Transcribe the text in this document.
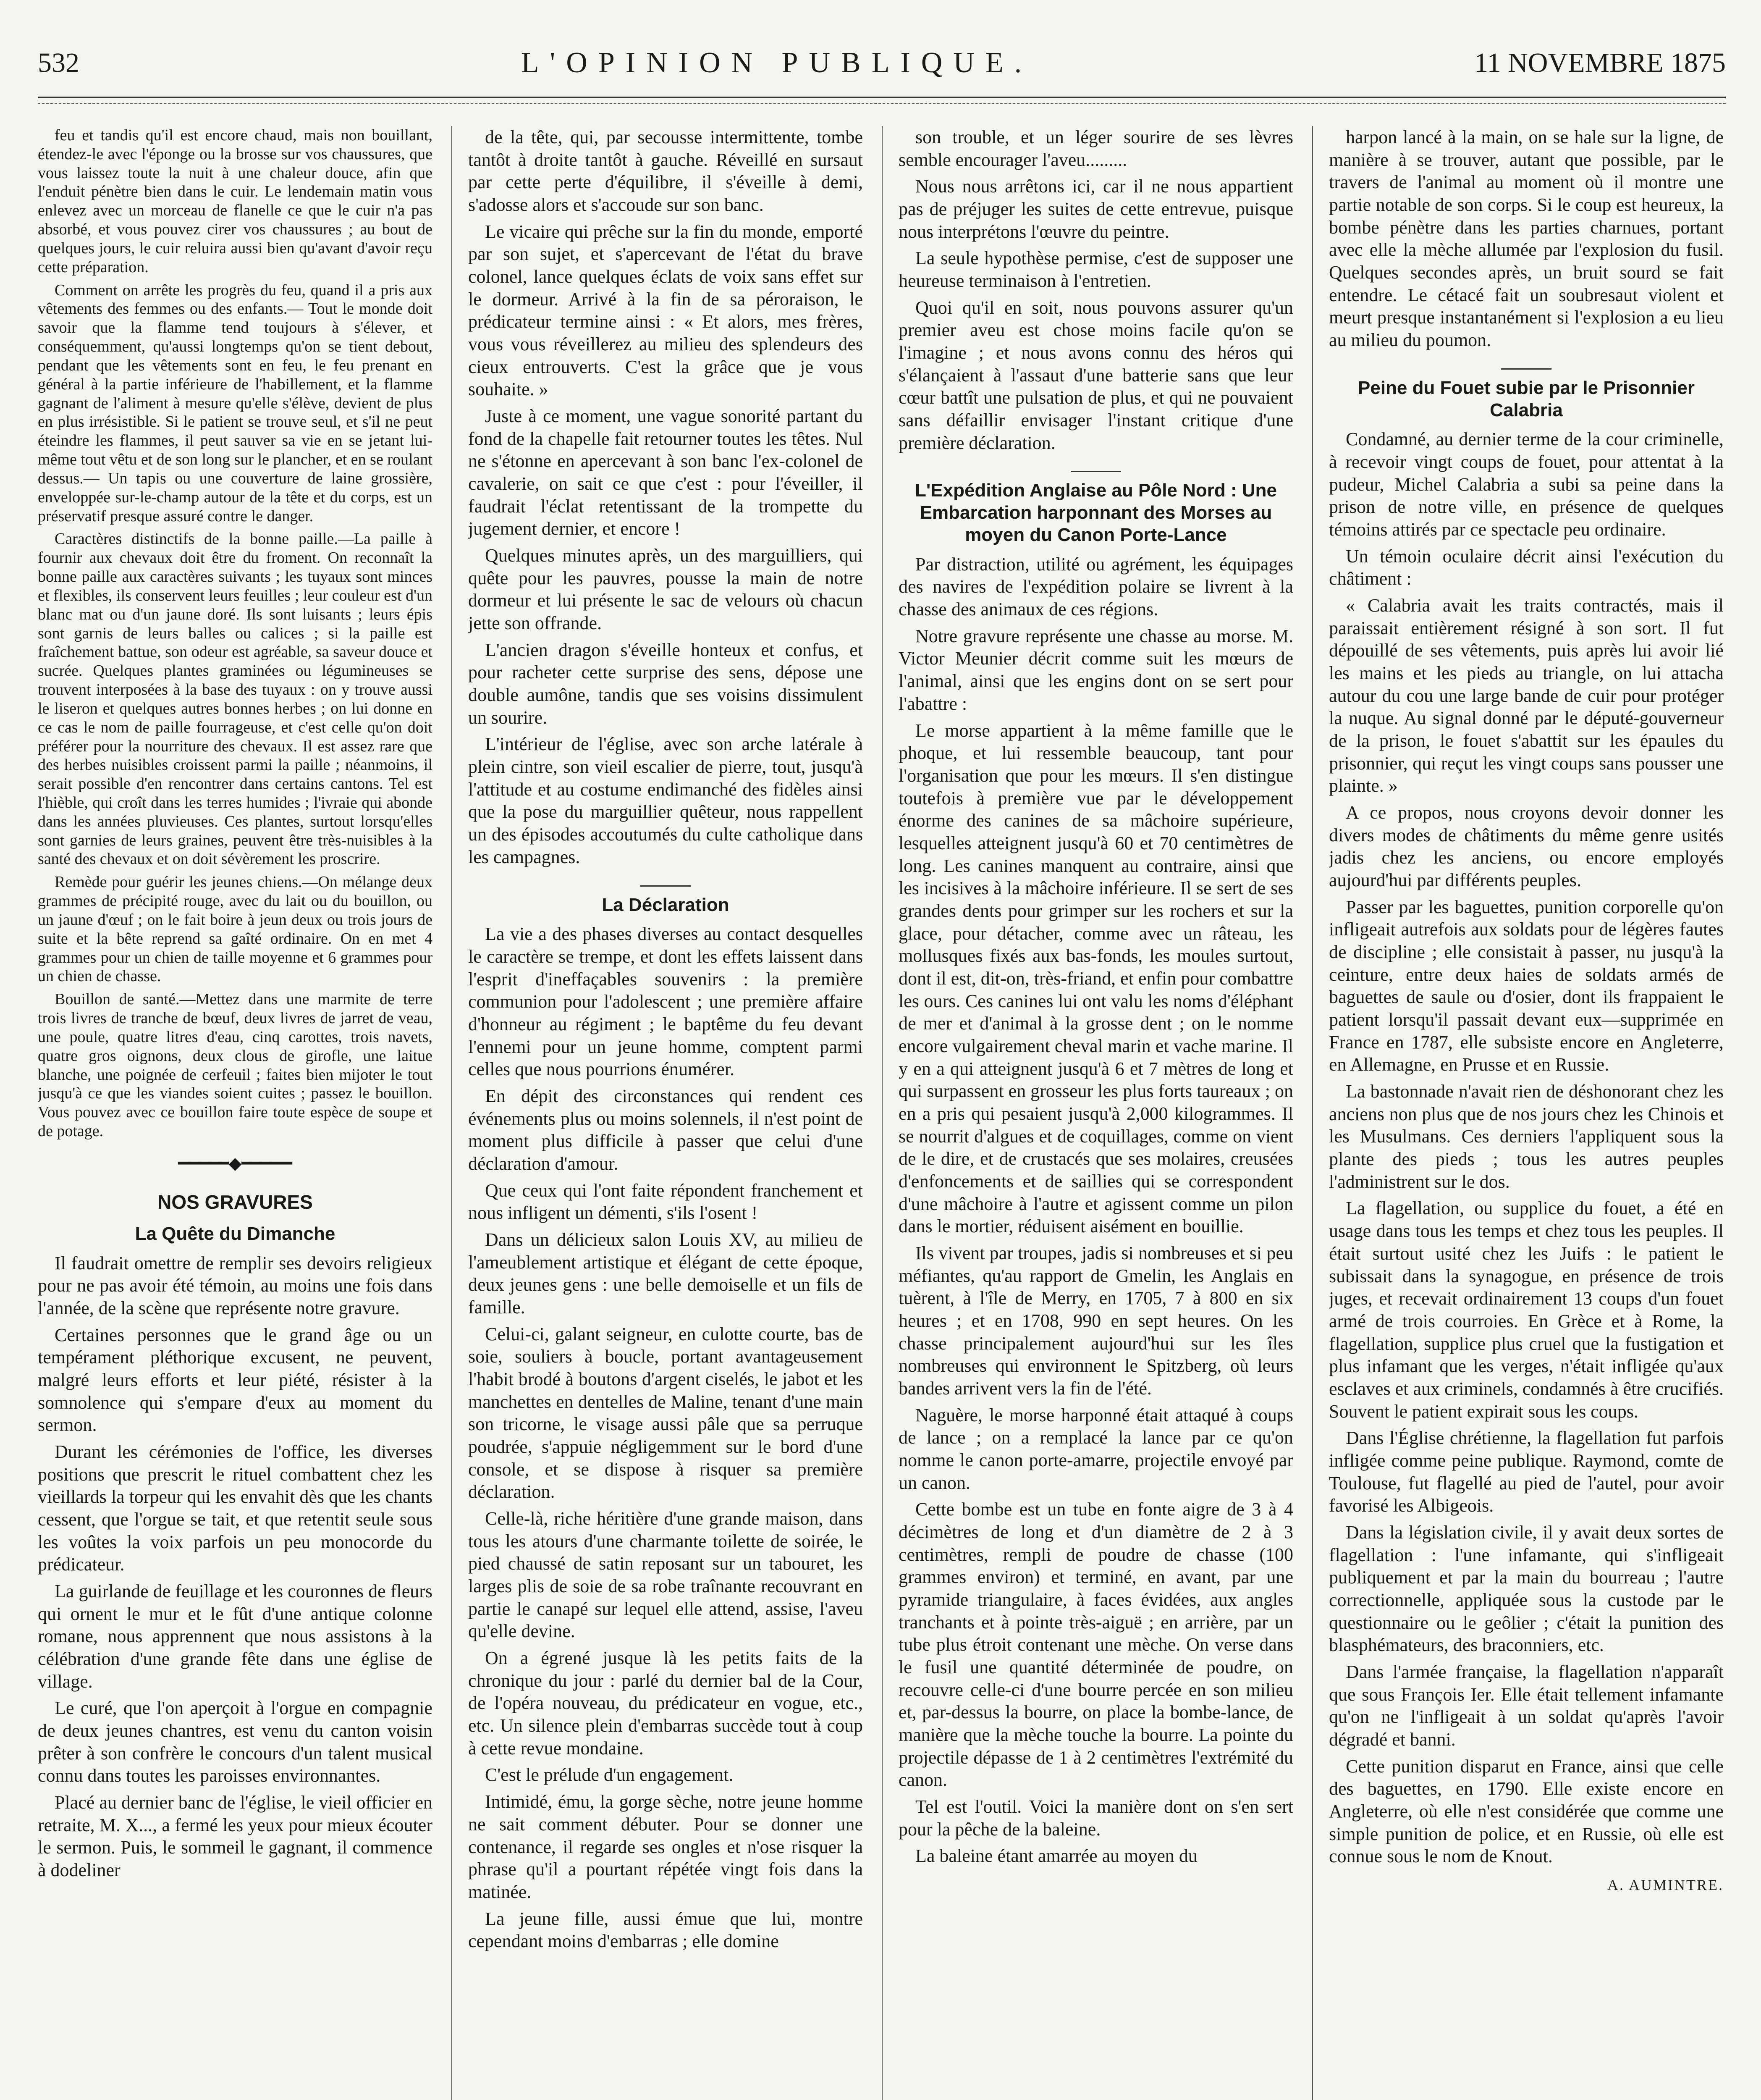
532	L'OPINION PUBLIQUE.	11 NOVEMBRE 1875

feu et tandis qu'il est encore chaud, mais non bouillant, étendez-le avec l'éponge ou la brosse sur vos chaussures, que vous laissez toute la nuit à une chaleur douce, afin que l'enduit pénètre bien dans le cuir. Le lendemain matin vous enlevez avec un morceau de flanelle ce que le cuir n'a pas absorbé, et vous pouvez cirer vos chaussures ; au bout de quelques jours, le cuir reluira aussi bien qu'avant d'avoir reçu cette préparation.

Comment on arrête les progrès du feu, quand il a pris aux vêtements des femmes ou des enfants.— Tout le monde doit savoir que la flamme tend toujours à s'élever, et conséquemment, qu'aussi longtemps qu'on se tient debout, pendant que les vêtements sont en feu, le feu prenant en général à la partie inférieure de l'habillement, et la flamme gagnant de l'aliment à mesure qu'elle s'élève, devient de plus en plus irrésistible. Si le patient se trouve seul, et s'il ne peut éteindre les flammes, il peut sauver sa vie en se jetant lui-même tout vêtu et de son long sur le plancher, et en se roulant dessus.— Un tapis ou une couverture de laine grossière, enveloppée sur-le-champ autour de la tête et du corps, est un préservatif presque assuré contre le danger.

Caractères distinctifs de la bonne paille.—La paille à fournir aux chevaux doit être du froment. On reconnaît la bonne paille aux caractères suivants ; les tuyaux sont minces et flexibles, ils conservent leurs feuilles ; leur couleur est d'un blanc mat ou d'un jaune doré. Ils sont luisants ; leurs épis sont garnis de leurs balles ou calices ; si la paille est fraîchement battue, son odeur est agréable, sa saveur douce et sucrée. Quelques plantes graminées ou légumineuses se trouvent interposées à la base des tuyaux : on y trouve aussi le liseron et quelques autres bonnes herbes ; on lui donne en ce cas le nom de paille fourrageuse, et c'est celle qu'on doit préférer pour la nourriture des chevaux. Il est assez rare que des herbes nuisibles croissent parmi la paille ; néanmoins, il serait possible d'en rencontrer dans certains cantons. Tel est l'hièble, qui croît dans les terres humides ; l'ivraie qui abonde dans les années pluvieuses. Ces plantes, surtout lorsqu'elles sont garnies de leurs graines, peuvent être très-nuisibles à la santé des chevaux et on doit sévèrement les proscrire.

Remède pour guérir les jeunes chiens.—On mélange deux grammes de précipité rouge, avec du lait ou du bouillon, ou un jaune d'œuf ; on le fait boire à jeun deux ou trois jours de suite et la bête reprend sa gaîté ordinaire. On en met 4 grammes pour un chien de taille moyenne et 6 grammes pour un chien de chasse.

Bouillon de santé.—Mettez dans une marmite de terre trois livres de tranche de bœuf, deux livres de jarret de veau, une poule, quatre litres d'eau, cinq carottes, trois navets, quatre gros oignons, deux clous de girofle, une laitue blanche, une poignée de cerfeuil ; faites bien mijoter le tout jusqu'à ce que les viandes soient cuites ; passez le bouillon. Vous pouvez avec ce bouillon faire toute espèce de soupe et de potage.

━━━━━◆━━━━━
NOS GRAVURES
La Quête du Dimanche

Il faudrait omettre de remplir ses devoirs religieux pour ne pas avoir été témoin, au moins une fois dans l'année, de la scène que représente notre gravure.

Certaines personnes que le grand âge ou un tempérament pléthorique excusent, ne peuvent, malgré leurs efforts et leur piété, résister à la somnolence qui s'empare d'eux au moment du sermon.

Durant les cérémonies de l'office, les diverses positions que prescrit le rituel combattent chez les vieillards la torpeur qui les envahit dès que les chants cessent, que l'orgue se tait, et que retentit seule sous les voûtes la voix parfois un peu monocorde du prédicateur.

La guirlande de feuillage et les couronnes de fleurs qui ornent le mur et le fût d'une antique colonne romane, nous apprennent que nous assistons à la célébration d'une grande fête dans une église de village.

Le curé, que l'on aperçoit à l'orgue en compagnie de deux jeunes chantres, est venu du canton voisin prêter à son confrère le concours d'un talent musical connu dans toutes les paroisses environnantes.

Placé au dernier banc de l'église, le vieil officier en retraite, M. X..., a fermé les yeux pour mieux écouter le sermon. Puis, le sommeil le gagnant, il commence à dodeliner

de la tête, qui, par secousse intermittente, tombe tantôt à droite tantôt à gauche. Réveillé en sursaut par cette perte d'équilibre, il s'éveille à demi, s'adosse alors et s'accoude sur son banc.

Le vicaire qui prêche sur la fin du monde, emporté par son sujet, et s'apercevant de l'état du brave colonel, lance quelques éclats de voix sans effet sur le dormeur. Arrivé à la fin de sa péroraison, le prédicateur termine ainsi : « Et alors, mes frères, vous vous réveillerez au milieu des splendeurs des cieux entrouverts. C'est la grâce que je vous souhaite. »

Juste à ce moment, une vague sonorité partant du fond de la chapelle fait retourner toutes les têtes. Nul ne s'étonne en apercevant à son banc l'ex-colonel de cavalerie, on sait ce que c'est : pour l'éveiller, il faudrait l'éclat retentissant de la trompette du jugement dernier, et encore !

Quelques minutes après, un des marguilliers, qui quête pour les pauvres, pousse la main de notre dormeur et lui présente le sac de velours où chacun jette son offrande.

L'ancien dragon s'éveille honteux et confus, et pour racheter cette surprise des sens, dépose une double aumône, tandis que ses voisins dissimulent un sourire.

L'intérieur de l'église, avec son arche latérale à plein cintre, son vieil escalier de pierre, tout, jusqu'à l'attitude et au costume endimanché des fidèles ainsi que la pose du marguillier quêteur, nous rappellent un des épisodes accoutumés du culte catholique dans les campagnes.

La Déclaration

La vie a des phases diverses au contact desquelles le caractère se trempe, et dont les effets laissent dans l'esprit d'ineffaçables souvenirs : la première communion pour l'adolescent ; une première affaire d'honneur au régiment ; le baptême du feu devant l'ennemi pour un jeune homme, comptent parmi celles que nous pourrions énumérer.

En dépit des circonstances qui rendent ces événements plus ou moins solennels, il n'est point de moment plus difficile à passer que celui d'une déclaration d'amour.

Que ceux qui l'ont faite répondent franchement et nous infligent un démenti, s'ils l'osent !

Dans un délicieux salon Louis XV, au milieu de l'ameublement artistique et élégant de cette époque, deux jeunes gens : une belle demoiselle et un fils de famille.

Celui-ci, galant seigneur, en culotte courte, bas de soie, souliers à boucle, portant avantageusement l'habit brodé à boutons d'argent ciselés, le jabot et les manchettes en dentelles de Maline, tenant d'une main son tricorne, le visage aussi pâle que sa perruque poudrée, s'appuie négligemment sur le bord d'une console, et se dispose à risquer sa première déclaration.

Celle-là, riche héritière d'une grande maison, dans tous les atours d'une charmante toilette de soirée, le pied chaussé de satin reposant sur un tabouret, les larges plis de soie de sa robe traînante recouvrant en partie le canapé sur lequel elle attend, assise, l'aveu qu'elle devine.

On a égrené jusque là les petits faits de la chronique du jour : parlé du dernier bal de la Cour, de l'opéra nouveau, du prédicateur en vogue, etc., etc. Un silence plein d'embarras succède tout à coup à cette revue mondaine.

C'est le prélude d'un engagement.

Intimidé, ému, la gorge sèche, notre jeune homme ne sait comment débuter. Pour se donner une contenance, il regarde ses ongles et n'ose risquer la phrase qu'il a pourtant répétée vingt fois dans la matinée.

La jeune fille, aussi émue que lui, montre cependant moins d'embarras ; elle domine

son trouble, et un léger sourire de ses lèvres semble encourager l'aveu.........

Nous nous arrêtons ici, car il ne nous appartient pas de préjuger les suites de cette entrevue, puisque nous interprétons l'œuvre du peintre.

La seule hypothèse permise, c'est de supposer une heureuse terminaison à l'entretien.

Quoi qu'il en soit, nous pouvons assurer qu'un premier aveu est chose moins facile qu'on se l'imagine ; et nous avons connu des héros qui s'élançaient à l'assaut d'une batterie sans que leur cœur battît une pulsation de plus, et qui ne pouvaient sans défaillir envisager l'instant critique d'une première déclaration.

L'Expédition Anglaise au Pôle Nord : Une Embarcation harponnant des Morses au moyen du Canon Porte-Lance

Par distraction, utilité ou agrément, les équipages des navires de l'expédition polaire se livrent à la chasse des animaux de ces régions.

Notre gravure représente une chasse au morse. M. Victor Meunier décrit comme suit les mœurs de l'animal, ainsi que les engins dont on se sert pour l'abattre :

Le morse appartient à la même famille que le phoque, et lui ressemble beaucoup, tant pour l'organisation que pour les mœurs. Il s'en distingue toutefois à première vue par le développement énorme des canines de sa mâchoire supérieure, lesquelles atteignent jusqu'à 60 et 70 centimètres de long. Les canines manquent au contraire, ainsi que les incisives à la mâchoire inférieure. Il se sert de ses grandes dents pour grimper sur les rochers et sur la glace, pour détacher, comme avec un râteau, les mollusques fixés aux bas-fonds, les moules surtout, dont il est, dit-on, très-friand, et enfin pour combattre les ours. Ces canines lui ont valu les noms d'éléphant de mer et d'animal à la grosse dent ; on le nomme encore vulgairement cheval marin et vache marine. Il y en a qui atteignent jusqu'à 6 et 7 mètres de long et qui surpassent en grosseur les plus forts taureaux ; on en a pris qui pesaient jusqu'à 2,000 kilogrammes. Il se nourrit d'algues et de coquillages, comme on vient de le dire, et de crustacés que ses molaires, creusées d'enfoncements et de saillies qui se correspondent d'une mâchoire à l'autre et agissent comme un pilon dans le mortier, réduisent aisément en bouillie.

Ils vivent par troupes, jadis si nombreuses et si peu méfiantes, qu'au rapport de Gmelin, les Anglais en tuèrent, à l'île de Merry, en 1705, 7 à 800 en six heures ; et en 1708, 990 en sept heures. On les chasse principalement aujourd'hui sur les îles nombreuses qui environnent le Spitzberg, où leurs bandes arrivent vers la fin de l'été.

Naguère, le morse harponné était attaqué à coups de lance ; on a remplacé la lance par ce qu'on nomme le canon porte-amarre, projectile envoyé par un canon.

Cette bombe est un tube en fonte aigre de 3 à 4 décimètres de long et d'un diamètre de 2 à 3 centimètres, rempli de poudre de chasse (100 grammes environ) et terminé, en avant, par une pyramide triangulaire, à faces évidées, aux angles tranchants et à pointe très-aiguë ; en arrière, par un tube plus étroit contenant une mèche. On verse dans le fusil une quantité déterminée de poudre, on recouvre celle-ci d'une bourre percée en son milieu et, par-dessus la bourre, on place la bombe-lance, de manière que la mèche touche la bourre. La pointe du projectile dépasse de 1 à 2 centimètres l'extrémité du canon.

Tel est l'outil. Voici la manière dont on s'en sert pour la pêche de la baleine.

La baleine étant amarrée au moyen du

harpon lancé à la main, on se hale sur la ligne, de manière à se trouver, autant que possible, par le travers de l'animal au moment où il montre une partie notable de son corps. Si le coup est heureux, la bombe pénètre dans les parties charnues, portant avec elle la mèche allumée par l'explosion du fusil. Quelques secondes après, un bruit sourd se fait entendre. Le cétacé fait un soubresaut violent et meurt presque instantanément si l'explosion a eu lieu au milieu du poumon.

Peine du Fouet subie par le Prisonnier Calabria

Condamné, au dernier terme de la cour criminelle, à recevoir vingt coups de fouet, pour attentat à la pudeur, Michel Calabria a subi sa peine dans la prison de notre ville, en présence de quelques témoins attirés par ce spectacle peu ordinaire.

Un témoin oculaire décrit ainsi l'exécution du châtiment :

« Calabria avait les traits contractés, mais il paraissait entièrement résigné à son sort. Il fut dépouillé de ses vêtements, puis après lui avoir lié les mains et les pieds au triangle, on lui attacha autour du cou une large bande de cuir pour protéger la nuque. Au signal donné par le député-gouverneur de la prison, le fouet s'abattit sur les épaules du prisonnier, qui reçut les vingt coups sans pousser une plainte. »

A ce propos, nous croyons devoir donner les divers modes de châtiments du même genre usités jadis chez les anciens, ou encore employés aujourd'hui par différents peuples.

Passer par les baguettes, punition corporelle qu'on infligeait autrefois aux soldats pour de légères fautes de discipline ; elle consistait à passer, nu jusqu'à la ceinture, entre deux haies de soldats armés de baguettes de saule ou d'osier, dont ils frappaient le patient lorsqu'il passait devant eux—supprimée en France en 1787, elle subsiste encore en Angleterre, en Allemagne, en Prusse et en Russie.

La bastonnade n'avait rien de déshonorant chez les anciens non plus que de nos jours chez les Chinois et les Musulmans. Ces derniers l'appliquent sous la plante des pieds ; tous les autres peuples l'administrent sur le dos.

La flagellation, ou supplice du fouet, a été en usage dans tous les temps et chez tous les peuples. Il était surtout usité chez les Juifs : le patient le subissait dans la synagogue, en présence de trois juges, et recevait ordinairement 13 coups d'un fouet armé de trois courroies. En Grèce et à Rome, la flagellation, supplice plus cruel que la fustigation et plus infamant que les verges, n'était infligée qu'aux esclaves et aux criminels, condamnés à être crucifiés. Souvent le patient expirait sous les coups.

Dans l'Église chrétienne, la flagellation fut parfois infligée comme peine publique. Raymond, comte de Toulouse, fut flagellé au pied de l'autel, pour avoir favorisé les Albigeois.

Dans la législation civile, il y avait deux sortes de flagellation : l'une infamante, qui s'infligeait publiquement et par la main du bourreau ; l'autre correctionnelle, appliquée sous la custode par le questionnaire ou le geôlier ; c'était la punition des blasphémateurs, des braconniers, etc.

Dans l'armée française, la flagellation n'apparaît que sous François Ier. Elle était tellement infamante qu'on ne l'infligeait à un soldat qu'après l'avoir dégradé et banni.

Cette punition disparut en France, ainsi que celle des baguettes, en 1790. Elle existe encore en Angleterre, où elle n'est considérée que comme une simple punition de police, et en Russie, où elle est connue sous le nom de Knout.

A. AUMINTRE.
